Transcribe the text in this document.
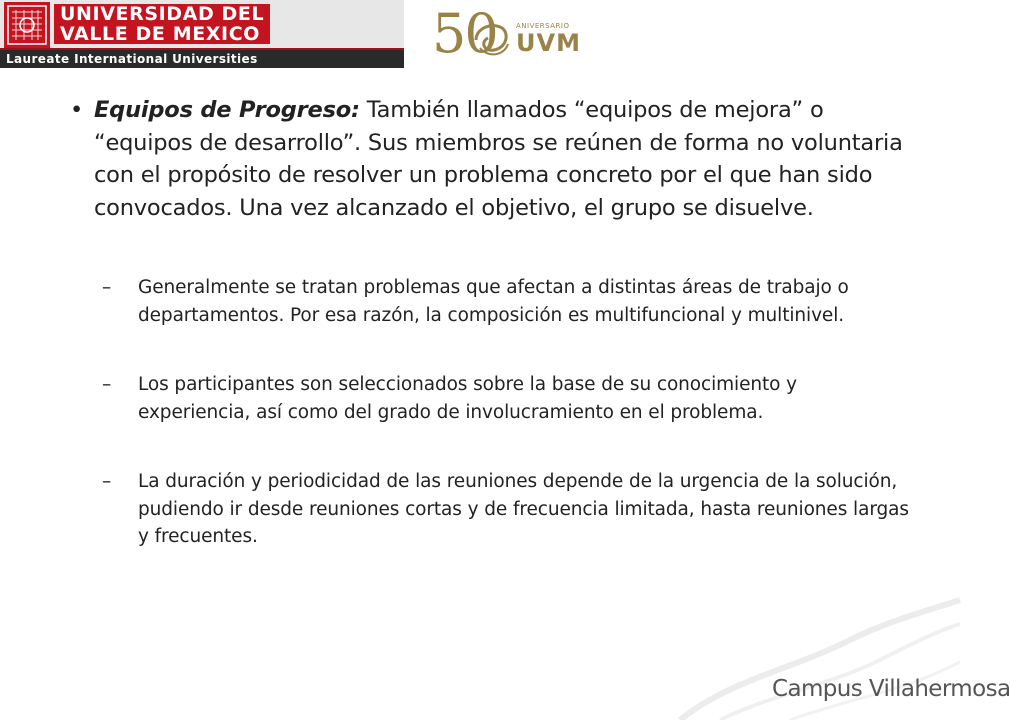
UNIVERSIDAD DEL
VALLE DE MEXICO
Laureate International Universities	50	ANIVERSARIO
UVM
• Equipos de Progreso: También llamados “equipos de mejora” o “equipos de desarrollo”. Sus miembros se reúnen de forma no voluntaria con el propósito de resolver un problema concreto por el que han sido convocados. Una vez alcanzado el objetivo, el grupo se disuelve.
– Generalmente se tratan problemas que afectan a distintas áreas de trabajo o departamentos. Por esa razón, la composición es multifuncional y multinivel.
– Los participantes son seleccionados sobre la base de su conocimiento y experiencia, así como del grado de involucramiento en el problema.
– La duración y periodicidad de las reuniones depende de la urgencia de la solución, pudiendo ir desde reuniones cortas y de frecuencia limitada, hasta reuniones largas y frecuentes.
Campus Villahermosa
